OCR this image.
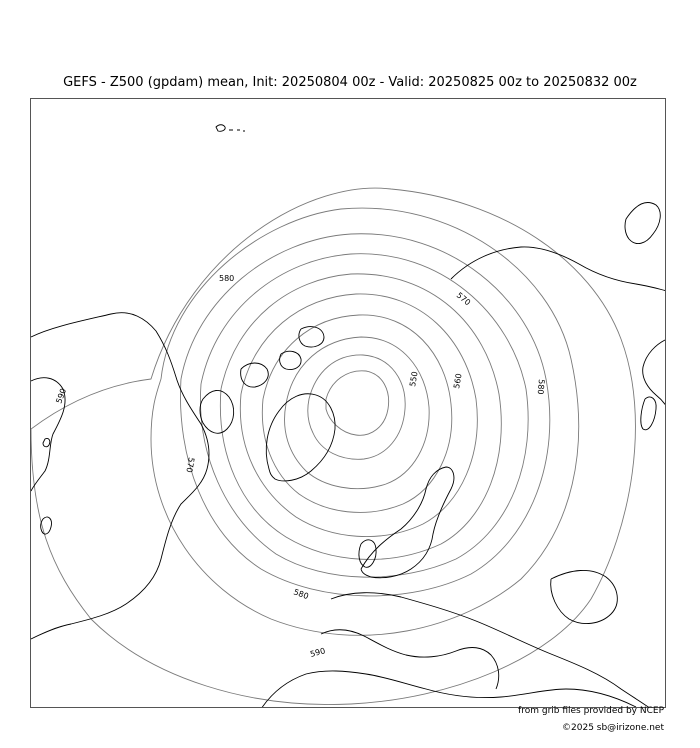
GEFS - Z500 (gpdam) mean, Init: 20250804 00z - Valid: 20250825 00z to 20250832 00z
580
570
560
550	580
590
570
580
590
from grib files provided by NCEP
©2025 sb@irizone.net
